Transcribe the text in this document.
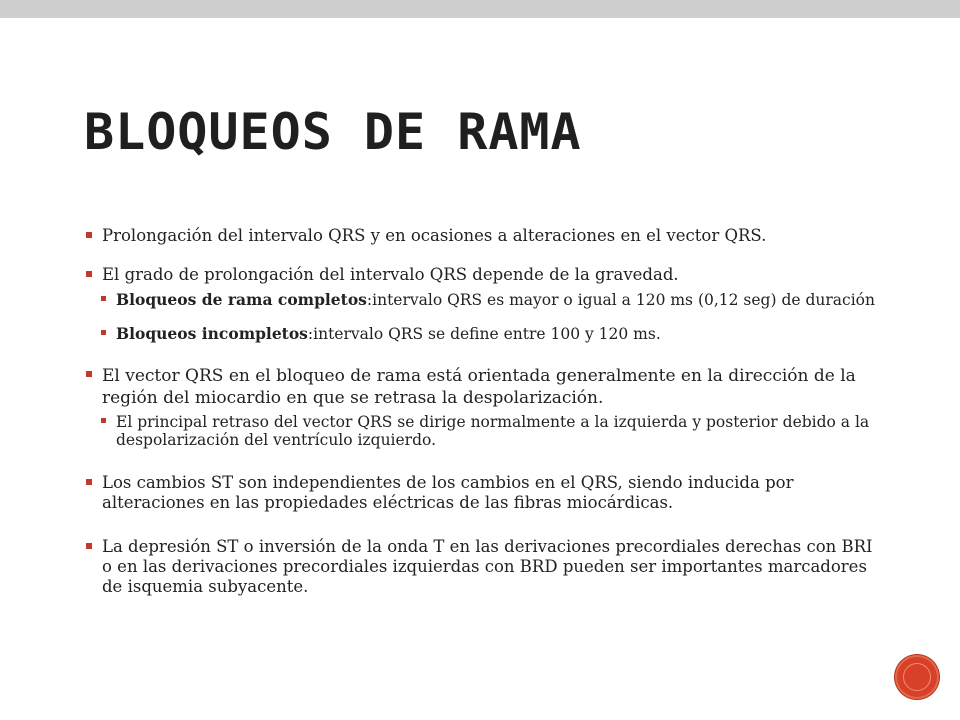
BLOQUEOS DE RAMA
Prolongación del intervalo QRS y en ocasiones a alteraciones en el vector QRS.
El grado de prolongación del intervalo QRS depende de la gravedad.
Bloqueos de rama completos:intervalo QRS es mayor o igual a 120 ms (0,12 seg) de duración
Bloqueos incompletos:intervalo QRS se define entre 100 y 120 ms.
El vector QRS en el bloqueo de rama está orientada generalmente en la dirección de la región del miocardio en que se retrasa la despolarización.
El principal retraso del vector QRS se dirige normalmente a la izquierda y posterior debido a la despolarización del ventrículo izquierdo.
Los cambios ST son independientes de los cambios en el QRS, siendo inducida por alteraciones en las propiedades eléctricas de las fibras miocárdicas.
La depresión ST o inversión de la onda T en las derivaciones precordiales derechas con BRI o en las derivaciones precordiales izquierdas con BRD pueden ser importantes marcadores de isquemia subyacente.
